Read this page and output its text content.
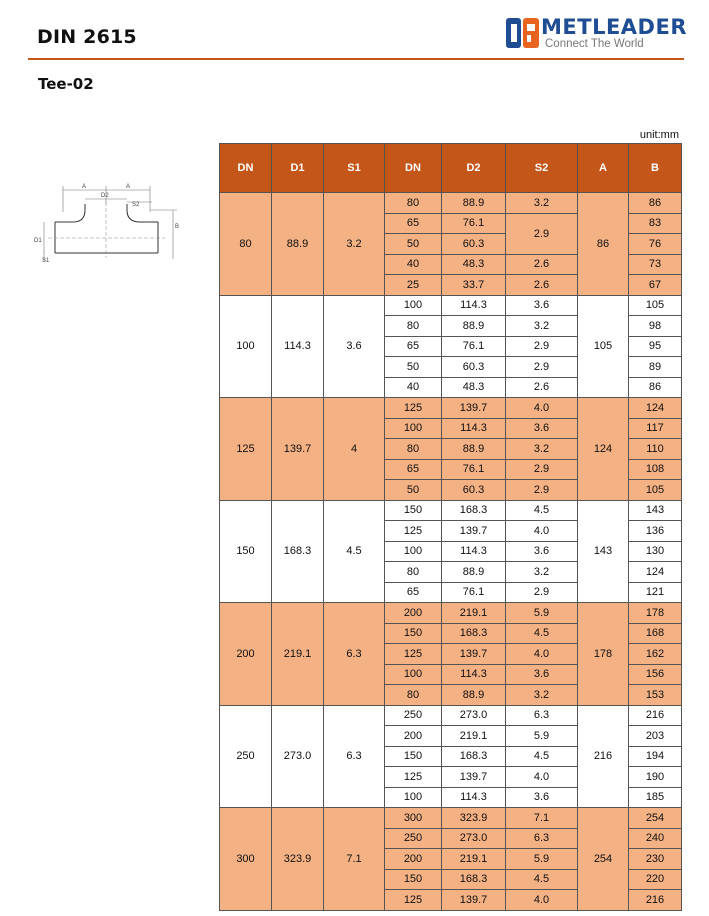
DIN 2615	METLEADER
Connect The World
Tee-02
unit:mm
A	A
D2
S2
B
D1
S1
DN	D1	S1	DN	D2	S2	A	B
80	88.9	3.2	80	88.9	3.2	86	86
			65	76.1	2.9		83
			50	60.3			76
			40	48.3	2.6		73
			25	33.7	2.6		67
100	114.3	3.6	100	114.3	3.6	105	105
			80	88.9	3.2		98
			65	76.1	2.9		95
			50	60.3	2.9		89
			40	48.3	2.6		86
125	139.7	4	125	139.7	4.0	124	124
			100	114.3	3.6		117
			80	88.9	3.2		110
			65	76.1	2.9		108
			50	60.3	2.9		105
150	168.3	4.5	150	168.3	4.5	143	143
			125	139.7	4.0		136
			100	114.3	3.6		130
			80	88.9	3.2		124
			65	76.1	2.9		121
200	219.1	6.3	200	219.1	5.9	178	178
			150	168.3	4.5		168
			125	139.7	4.0		162
			100	114.3	3.6		156
			80	88.9	3.2		153
250	273.0	6.3	250	273.0	6.3	216	216
			200	219.1	5.9		203
			150	168.3	4.5		194
			125	139.7	4.0		190
			100	114.3	3.6		185
300	323.9	7.1	300	323.9	7.1	254	254
			250	273.0	6.3		240
			200	219.1	5.9		230
			150	168.3	4.5		220
			125	139.7	4.0		216
